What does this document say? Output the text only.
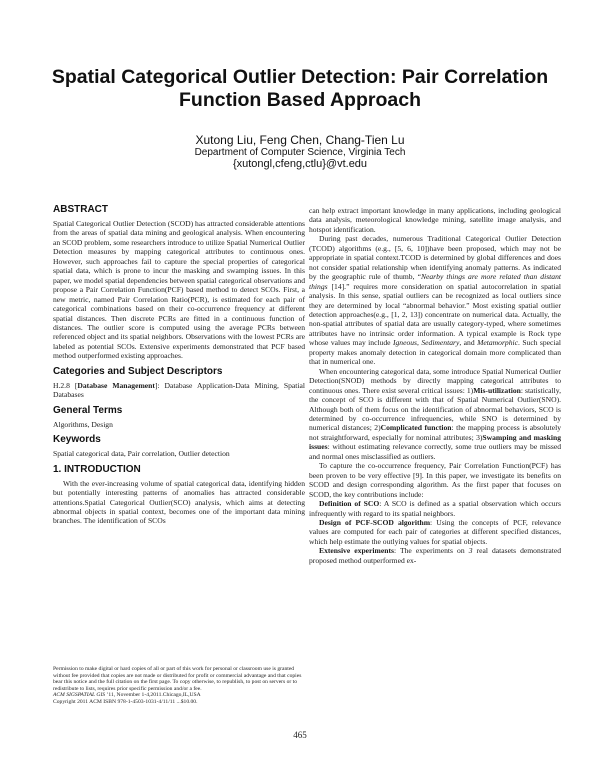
Spatial Categorical Outlier Detection: Pair Correlation
Function Based Approach
Xutong Liu, Feng Chen, Chang-Tien Lu
Department of Computer Science, Virginia Tech
{xutongl,cfeng,ctlu}@vt.edu
ABSTRACT

Spatial Categorical Outlier Detection (SCOD) has attracted considerable attentions from the areas of spatial data mining and geological analysis. When encountering an SCOD problem, some researchers introduce to utilize Spatial Numerical Outlier Detection measures by mapping categorical attributes to continuous ones. However, such approaches fail to capture the special properties of categorical spatial data, which is prone to incur the masking and swamping issues. In this paper, we model spatial dependencies between spatial categorical observations and propose a Pair Correlation Function(PCF) based method to detect SCOs. First, a new metric, named Pair Correlation Ratio(PCR), is estimated for each pair of categorical combinations based on their co-occurrence frequency at different spatial distances. Then discrete PCRs are fitted in a continuous function of distances. The outlier score is computed using the average PCRs between referenced object and its spatial neighbors. Observations with the lowest PCRs are labeled as potential SCOs. Extensive experiments demonstrated that PCF based method outperformed existing approaches.

Categories and Subject Descriptors

H.2.8 [Database Management]: Database Application-Data Mining, Spatial Databases

General Terms

Algorithms, Design

Keywords

Spatial categorical data, Pair correlation, Outlier detection

1. INTRODUCTION

With the ever-increasing volume of spatial categorical data, identifying hidden but potentially interesting patterns of anomalies has attracted considerable attentions.Spatial Categorical Outlier(SCO) analysis, which aims at detecting abnormal objects in spatial context, becomes one of the important data mining branches. The identification of SCOs

can help extract important knowledge in many applications, including geological data analysis, meteorological knowledge mining, satellite image analysis, and hotspot identification.

During past decades, numerous Traditional Categorical Outlier Detection (TCOD) algorithms (e.g., [5, 6, 10])have been proposed, which may not be appropriate in spatial context.TCOD is determined by global differences and does not consider spatial relationship when identifying anomaly patterns. As indicated by the geographic rule of thumb, “Nearby things are more related than distant things [14].” requires more consideration on spatial autocorrelation in spatial analysis. In this sense, spatial outliers can be recognized as local outliers since they are determined by local “abnormal behavior.” Most existing spatial outlier detection approaches(e.g., [1, 2, 13]) concentrate on numerical data. Actually, the non-spatial attributes of spatial data are usually category-typed, where sometimes attributes have no intrinsic order information. A typical example is Rock type whose values may include Igneous, Sedimentary, and Metamorphic. Such special property makes anomaly detection in categorical domain more complicated than that in numerical one.

When encountering categorical data, some introduce Spatial Numerical Outlier Detection(SNOD) methods by directly mapping categorical attributes to continuous ones. There exist several critical issues: 1)Mis-utilization: statistically, the concept of SCO is different with that of Spatial Numerical Outlier(SNO). Although both of them focus on the identification of abnormal behaviors, SCO is determined by co-occurrence infrequencies, while SNO is determined by numerical distances; 2)Complicated function: the mapping process is absolutely not straightforward, especially for nominal attributes; 3)Swamping and masking issues: without estimating relevance correctly, some true outliers may be missed and normal ones misclassified as outliers.

To capture the co-occurrence frequency, Pair Correlation Function(PCF) has been proven to be very effective [9]. In this paper, we investigate its benefits on SCOD and design corresponding algorithm. As the first paper that focuses on SCOD, the key contributions include:

Definition of SCO: A SCO is defined as a spatial observation which occurs infrequently with regard to its spatial neighbors.

Design of PCF-SCOD algorithm: Using the concepts of PCF, relevance values are computed for each pair of categories at different specified distances, which help estimate the outlying values for spatial objects.

Extensive experiments: The experiments on 3 real datasets demonstrated proposed method outperformed ex-

Permission to make digital or hard copies of all or part of this work for personal or classroom use is granted without fee provided that copies are not made or distributed for profit or commercial advantage and that copies bear this notice and the full citation on the first page. To copy otherwise, to republish, to post on servers or to redistribute to lists, requires prior specific permission and/or a fee.
ACM SIGSPATIAL GIS ’11, November 1-4,2011.Chicago,IL,USA
Copyright 2011 ACM ISBN 978-1-4503-1031-4/11/11 ...$10.00.
465
